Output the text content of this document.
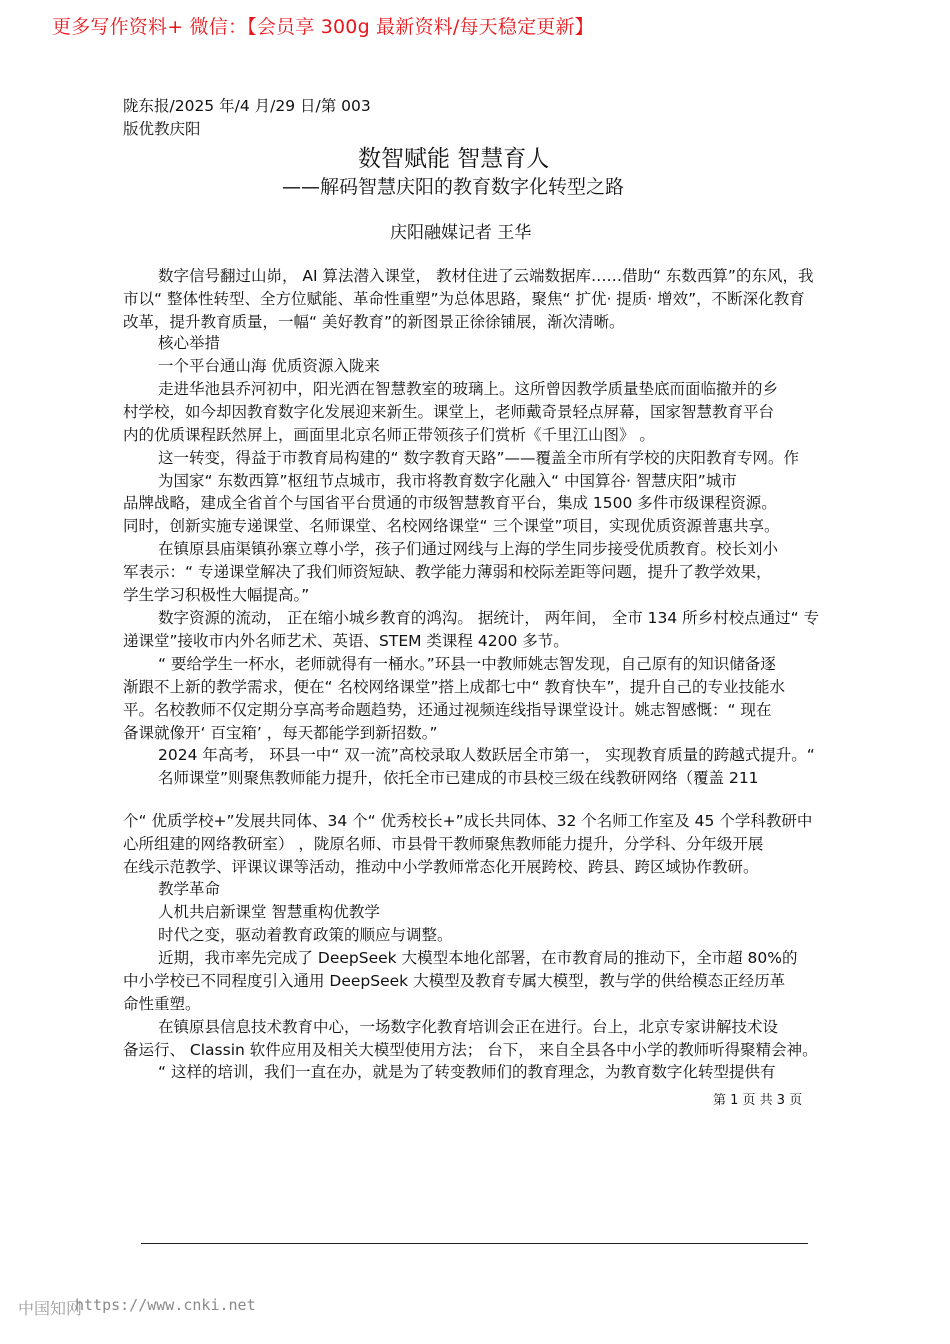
更多写作资料+ 微信：【会员享 300g 最新资料/每天稳定更新】
陇东报/2025 年/4 月/29 日/第 003
版优教庆阳
数智赋能 智慧育人
——解码智慧庆阳的教育数字化转型之路
庆阳融媒记者 王华
数字信号翻过山峁， AI 算法潜入课堂， 教材住进了云端数据库……借助“ 东数西算”的东风，我
市以“ 整体性转型、全方位赋能、革命性重塑”为总体思路，聚焦“ 扩优· 提质· 增效”，不断深化教育
改革，提升教育质量，一幅“ 美好教育”的新图景正徐徐铺展，渐次清晰。
核心举措
一个平台通山海 优质资源入陇来
走进华池县乔河初中，阳光洒在智慧教室的玻璃上。这所曾因教学质量垫底而面临撤并的乡
村学校，如今却因教育数字化发展迎来新生。课堂上，老师戴奇景轻点屏幕，国家智慧教育平台
内的优质课程跃然屏上，画面里北京名师正带领孩子们赏析《千里江山图》 。
这一转变，得益于市教育局构建的“ 数字教育天路”——覆盖全市所有学校的庆阳教育专网。作
为国家“ 东数西算”枢纽节点城市，我市将教育数字化融入“ 中国算谷· 智慧庆阳”城市
品牌战略，建成全省首个与国省平台贯通的市级智慧教育平台，集成 1500 多件市级课程资源。
同时，创新实施专递课堂、名师课堂、名校网络课堂“ 三个课堂”项目，实现优质资源普惠共享。
在镇原县庙渠镇孙寨立尊小学，孩子们通过网线与上海的学生同步接受优质教育。校长刘小
军表示：“ 专递课堂解决了我们师资短缺、教学能力薄弱和校际差距等问题，提升了教学效果，
学生学习积极性大幅提高。”
数字资源的流动， 正在缩小城乡教育的鸿沟。 据统计， 两年间， 全市 134 所乡村校点通过“ 专
递课堂”接收市内外名师艺术、英语、STEM 类课程 4200 多节。
“ 要给学生一杯水，老师就得有一桶水。”环县一中教师姚志智发现，自己原有的知识储备逐
渐跟不上新的教学需求，便在“ 名校网络课堂”搭上成都七中“ 教育快车”，提升自己的专业技能水
平。名校教师不仅定期分享高考命题趋势，还通过视频连线指导课堂设计。姚志智感慨：“ 现在
备课就像开‘ 百宝箱’ ，每天都能学到新招数。”
2024 年高考， 环县一中“ 双一流”高校录取人数跃居全市第一， 实现教育质量的跨越式提升。“
名师课堂”则聚焦教师能力提升，依托全市已建成的市县校三级在线教研网络（覆盖 211
个“ 优质学校+”发展共同体、34 个“ 优秀校长+”成长共同体、32 个名师工作室及 45 个学科教研中
心所组建的网络教研室） ，陇原名师、市县骨干教师聚焦教师能力提升，分学科、分年级开展
在线示范教学、评课议课等活动，推动中小学教师常态化开展跨校、跨县、跨区域协作教研。
教学革命
人机共启新课堂 智慧重构优教学
时代之变，驱动着教育政策的顺应与调整。
近期，我市率先完成了 DeepSeek 大模型本地化部署，在市教育局的推动下，全市超 80%的
中小学校已不同程度引入通用 DeepSeek 大模型及教育专属大模型，教与学的供给模态正经历革
命性重塑。
在镇原县信息技术教育中心，一场数字化教育培训会正在进行。台上，北京专家讲解技术设
备运行、 Classin 软件应用及相关大模型使用方法； 台下， 来自全县各中小学的教师听得聚精会神。
“ 这样的培训，我们一直在办，就是为了转变教师们的教育理念，为教育数字化转型提供有
第 1 页 共 3 页
中国知网
https://www.cnki.net
